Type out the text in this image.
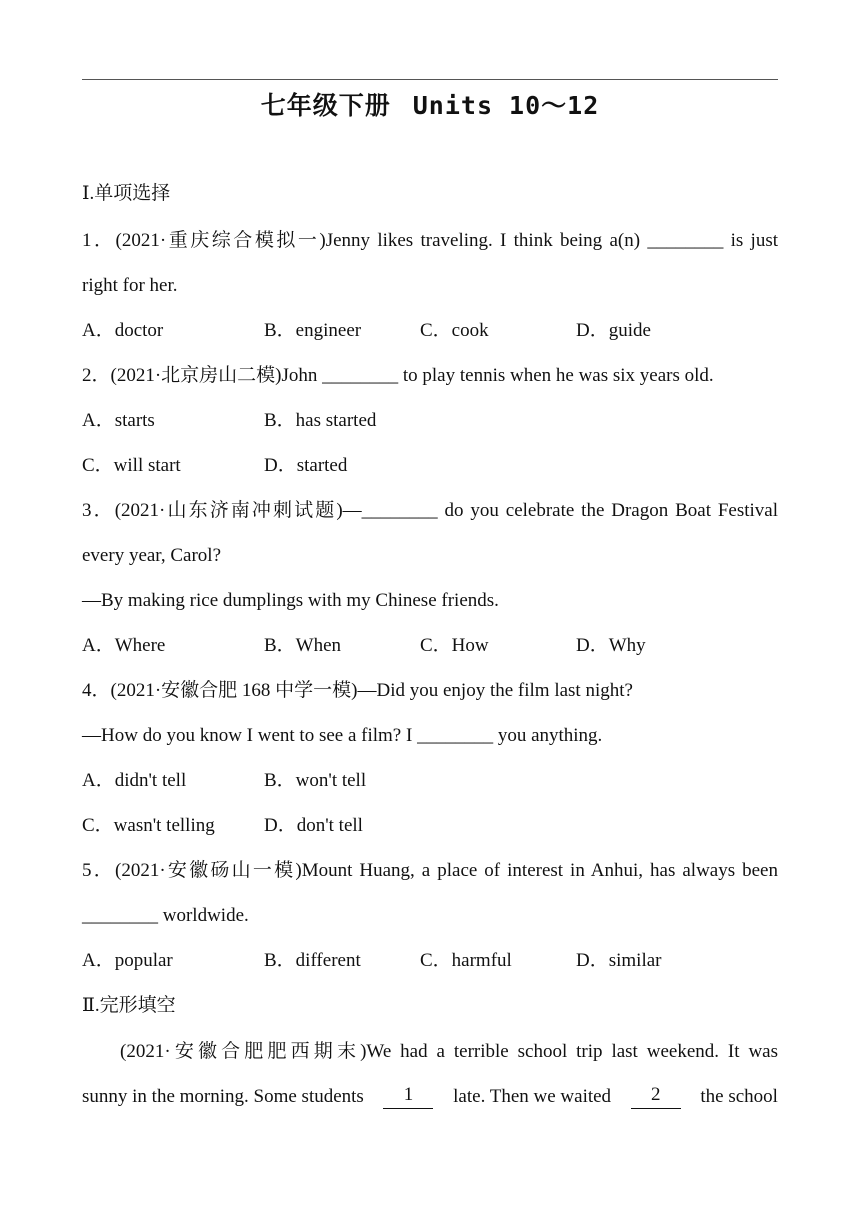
七年级下册 Units 10～12
Ⅰ.单项选择
1．(2021·重庆综合模拟一)Jenny likes traveling. I think being a(n) ________ is just
right for her.
A．doctor	B．engineer	C．cook	D．guide
2．(2021·北京房山二模)John ________ to play tennis when he was six years old.
A．starts	B．has started
C．will start	D．started
3．(2021·山东济南冲刺试题)—________ do you celebrate the Dragon Boat Festival
every year, Carol?
—By making rice dumplings with my Chinese friends.
A．Where	B．When	C．How	D．Why
4．(2021·安徽合肥 168 中学一模)—Did you enjoy the film last night?
—How do you know I went to see a film? I ________ you anything.
A．didn't tell	B．won't tell
C．wasn't telling	D．don't tell
5．(2021·安徽砀山一模)Mount Huang, a place of interest in Anhui, has always been
________ worldwide.
A．popular	B．different	C．harmful	D．similar
Ⅱ.完形填空
(2021·安徽合肥肥西期末)We had a terrible school trip last weekend. It was
sunny in the morning. Some students	1	late. Then we waited	2	the school
